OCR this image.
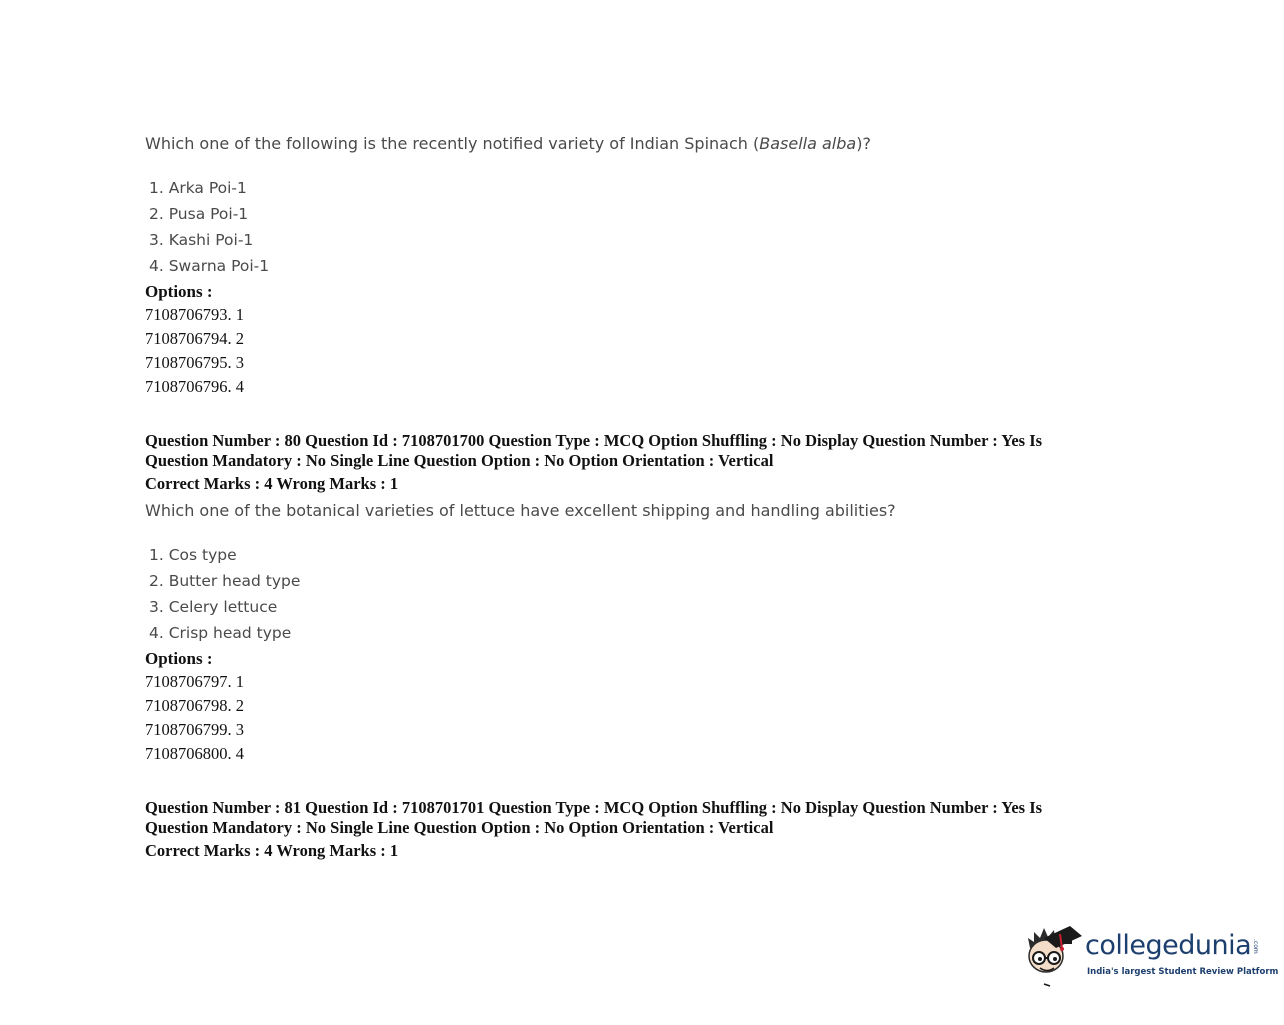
Which one of the following is the recently notified variety of Indian Spinach (Basella alba)?
1. Arka Poi-1
2. Pusa Poi-1
3. Kashi Poi-1
4. Swarna Poi-1
Options :
7108706793. 1
7108706794. 2
7108706795. 3
7108706796. 4
Question Number : 80 Question Id : 7108701700 Question Type : MCQ Option Shuffling : No Display Question Number : Yes Is
Question Mandatory : No Single Line Question Option : No Option Orientation : Vertical
Correct Marks : 4 Wrong Marks : 1
Which one of the botanical varieties of lettuce have excellent shipping and handling abilities?
1. Cos type
2. Butter head type
3. Celery lettuce
4. Crisp head type
Options :
7108706797. 1
7108706798. 2
7108706799. 3
7108706800. 4
Question Number : 81 Question Id : 7108701701 Question Type : MCQ Option Shuffling : No Display Question Number : Yes Is
Question Mandatory : No Single Line Question Option : No Option Orientation : Vertical
Correct Marks : 4 Wrong Marks : 1
collegedunia .com
India's largest Student Review Platform
